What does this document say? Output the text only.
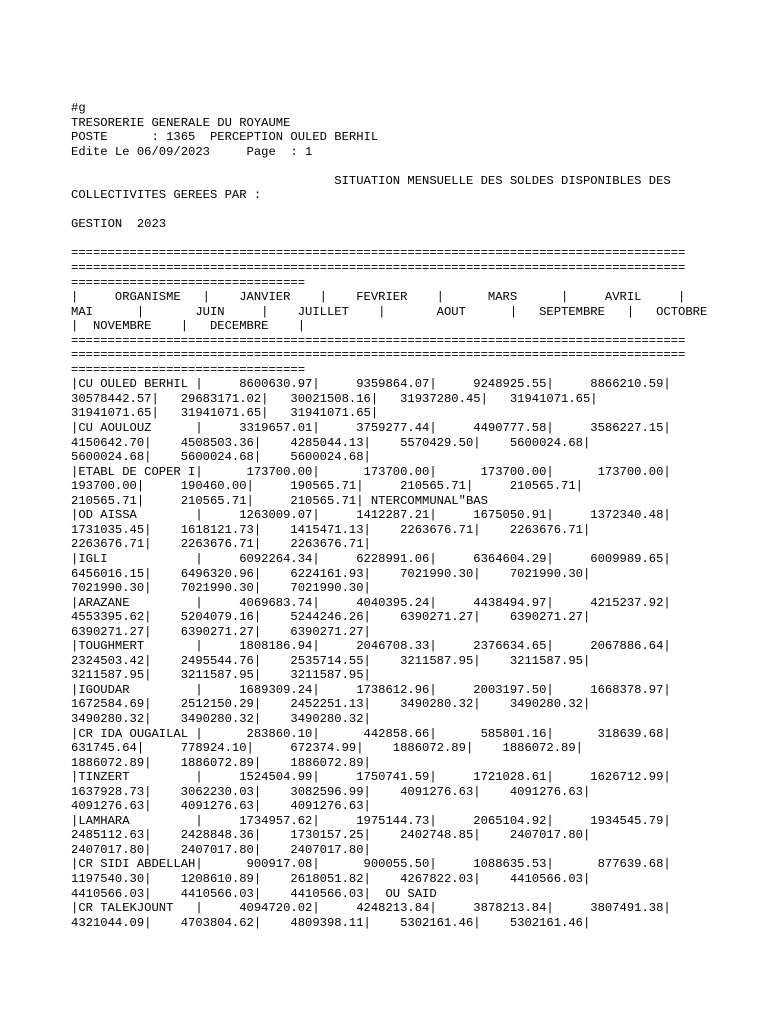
#g
TRESORERIE GENERALE DU ROYAUME
POSTE      : 1365  PERCEPTION OULED BERHIL
Edite Le 06/09/2023     Page  : 1
SITUATION MENSUELLE DES SOLDES DISPONIBLES DES
COLLECTIVITES GEREES PAR :
GESTION  2023
====================================================================================
====================================================================================
================================
|     ORGANISME   |    JANVIER    |    FEVRIER    |      MARS      |     AVRIL     |
MAI      |       JUIN     |    JUILLET    |       AOUT      |   SEPTEMBRE   |   OCTOBRE
|  NOVEMBRE    |   DECEMBRE    |
====================================================================================
====================================================================================
================================
|CU OULED BERHIL |     8600630.97|     9359864.07|     9248925.55|     8866210.59|
30578442.57|   29683171.02|   30021508.16|   31937280.45|   31941071.65|
31941071.65|   31941071.65|   31941071.65|
|CU AOULOUZ      |     3319657.01|     3759277.44|     4490777.58|     3586227.15|
4150642.70|    4508503.36|    4285044.13|    5570429.50|    5600024.68|
5600024.68|    5600024.68|    5600024.68|
|ETABL DE COPER I|      173700.00|      173700.00|      173700.00|      173700.00|
193700.00|     190460.00|     190565.71|     210565.71|     210565.71|
210565.71|     210565.71|     210565.71| NTERCOMMUNAL"BAS
|OD AISSA        |     1263009.07|     1412287.21|     1675050.91|     1372340.48|
1731035.45|    1618121.73|    1415471.13|    2263676.71|    2263676.71|
2263676.71|    2263676.71|    2263676.71|
|IGLI            |     6092264.34|     6228991.06|     6364604.29|     6009989.65|
6456016.15|    6496320.96|    6224161.93|    7021990.30|    7021990.30|
7021990.30|    7021990.30|    7021990.30|
|ARAZANE         |     4069683.74|     4040395.24|     4438494.97|     4215237.92|
4553395.62|    5204079.16|    5244246.26|    6390271.27|    6390271.27|
6390271.27|    6390271.27|    6390271.27|
|TOUGHMERT       |     1808186.94|     2046708.33|     2376634.65|     2067886.64|
2324503.42|    2495544.76|    2535714.55|    3211587.95|    3211587.95|
3211587.95|    3211587.95|    3211587.95|
|IGOUDAR         |     1689309.24|     1738612.96|     2003197.50|     1668378.97|
1672584.69|    2512150.29|    2452251.13|    3490280.32|    3490280.32|
3490280.32|    3490280.32|    3490280.32|
|CR IDA OUGAILAL |      283860.10|      442858.66|      585801.16|      318639.68|
631745.64|     778924.10|     672374.99|    1886072.89|    1886072.89|
1886072.89|    1886072.89|    1886072.89|
|TINZERT         |     1524504.99|     1750741.59|     1721028.61|     1626712.99|
1637928.73|    3062230.03|    3082596.99|    4091276.63|    4091276.63|
4091276.63|    4091276.63|    4091276.63|
|LAMHARA         |     1734957.62|     1975144.73|     2065104.92|     1934545.79|
2485112.63|    2428848.36|    1730157.25|    2402748.85|    2407017.80|
2407017.80|    2407017.80|    2407017.80|
|CR SIDI ABDELLAH|      900917.08|      900055.50|     1088635.53|      877639.68|
1197540.30|    1208610.89|    2618051.82|    4267822.03|    4410566.03|
4410566.03|    4410566.03|    4410566.03|  OU SAID
|CR TALEKJOUNT   |     4094720.02|     4248213.84|     3878213.84|     3807491.38|
4321044.09|    4703804.62|    4809398.11|    5302161.46|    5302161.46|
